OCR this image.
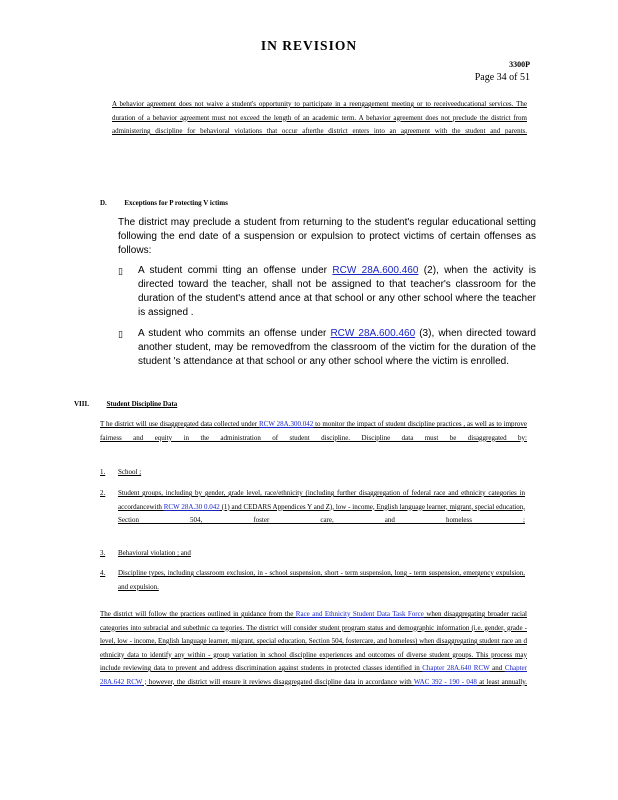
IN REVISION
3300P
Page 34 of 51
A behavior agreement does not waive a student's opportunity to participate in a reengagement meeting or to receiveeducational services. The duration of a behavior agreement must not exceed the length of an academic term. A behavior agreement does not preclude the district from administering discipline for behavioral violations that occur afterthe district enters into an agreement with the student and parents.
D.	Exceptions for P rotecting V ictims
The district may preclude a student from returning to the student's regular educational setting following the end date of a suspension or expulsion to protect victims of certain offenses as follows:
▯ A student commi tting an offense under RCW 28A.600.460 (2), when the activity is directed toward the teacher, shall not be assigned to that teacher's classroom for the duration of the student's attend ance at that school or any other school where the teacher is assigned .
▯ A student who commits an offense under RCW 28A.600.460 (3), when directed toward another student, may be removedfrom the classroom of the victim for the duration of the student 's attendance at that school or any other school where the victim is enrolled.
VIII.	Student Discipline Data
T he district will use disaggregated data collected under RCW 28A.300.042 to monitor the impact of student discipline practices , as well as to improve fairness and equity in the administration of student discipline. Discipline data must be disaggregated by:
1. School ;
2. Student groups, including by gender, grade level, race/ethnicity (including further disaggregation of federal race and ethnicity categories in accordancewith RCW 28A.30 0.042 (1) and CEDARS Appendices Y and Z), low - income, English language learner, migrant, special education, Section 504, foster care, and homeless ;
3. Behavioral violation ; and
4. Discipline types, including classroom exclusion, in - school suspension, short - term suspension, long - term suspension, emergency expulsion, and expulsion.
The district will follow the practices outlined in guidance from the Race and Ethnicity Student Data Task Force when disaggregating broader racial categories into subracial and subethnic ca tegories. The district will consider student program status and demographic information (i.e. gender, grade - level, low - income, English language learner, migrant, special education, Section 504, fostercare, and homeless) when disaggregating student race an d ethnicity data to identify any within - group variation in school discipline experiences and outcomes of diverse student groups. This process may include reviewing data to prevent and address discrimination against students in protected classes identified in Chapter 28A.640 RCW and Chapter 28A.642 RCW ; however, the district will ensure it reviews disaggregated discipline data in accordance with WAC 392 - 190 - 048 at least annually.
